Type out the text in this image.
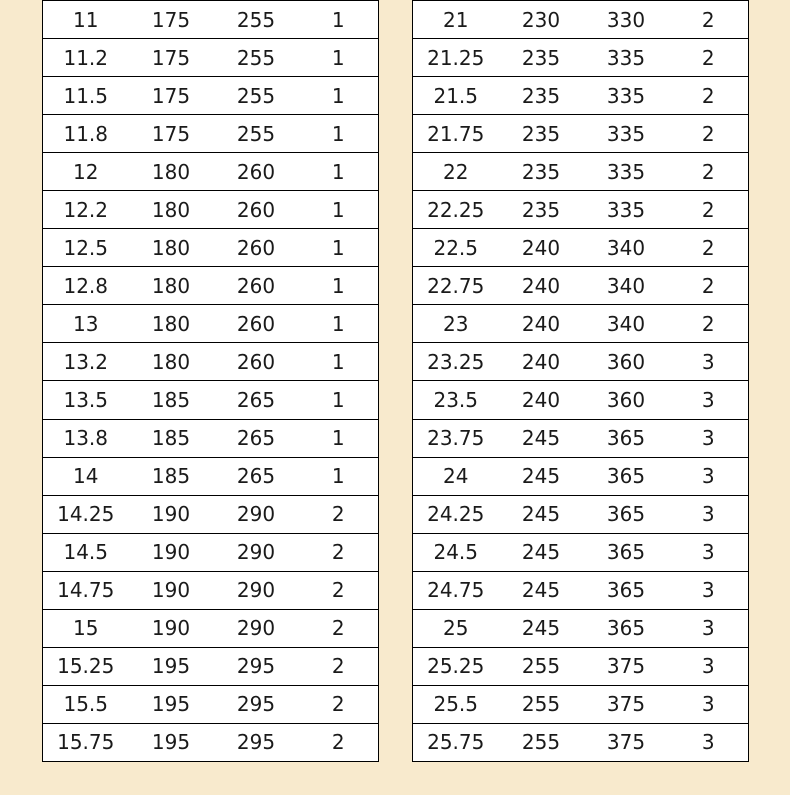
11	175	255	1
11.2	175	255	1
11.5	175	255	1
11.8	175	255	1
12	180	260	1
12.2	180	260	1
12.5	180	260	1
12.8	180	260	1
13	180	260	1
13.2	180	260	1
13.5	185	265	1
13.8	185	265	1
14	185	265	1
14.25	190	290	2
14.5	190	290	2
14.75	190	290	2
15	190	290	2
15.25	195	295	2
15.5	195	295	2
15.75	195	295	2
21	230	330	2
21.25	235	335	2
21.5	235	335	2
21.75	235	335	2
22	235	335	2
22.25	235	335	2
22.5	240	340	2
22.75	240	340	2
23	240	340	2
23.25	240	360	3
23.5	240	360	3
23.75	245	365	3
24	245	365	3
24.25	245	365	3
24.5	245	365	3
24.75	245	365	3
25	245	365	3
25.25	255	375	3
25.5	255	375	3
25.75	255	375	3
